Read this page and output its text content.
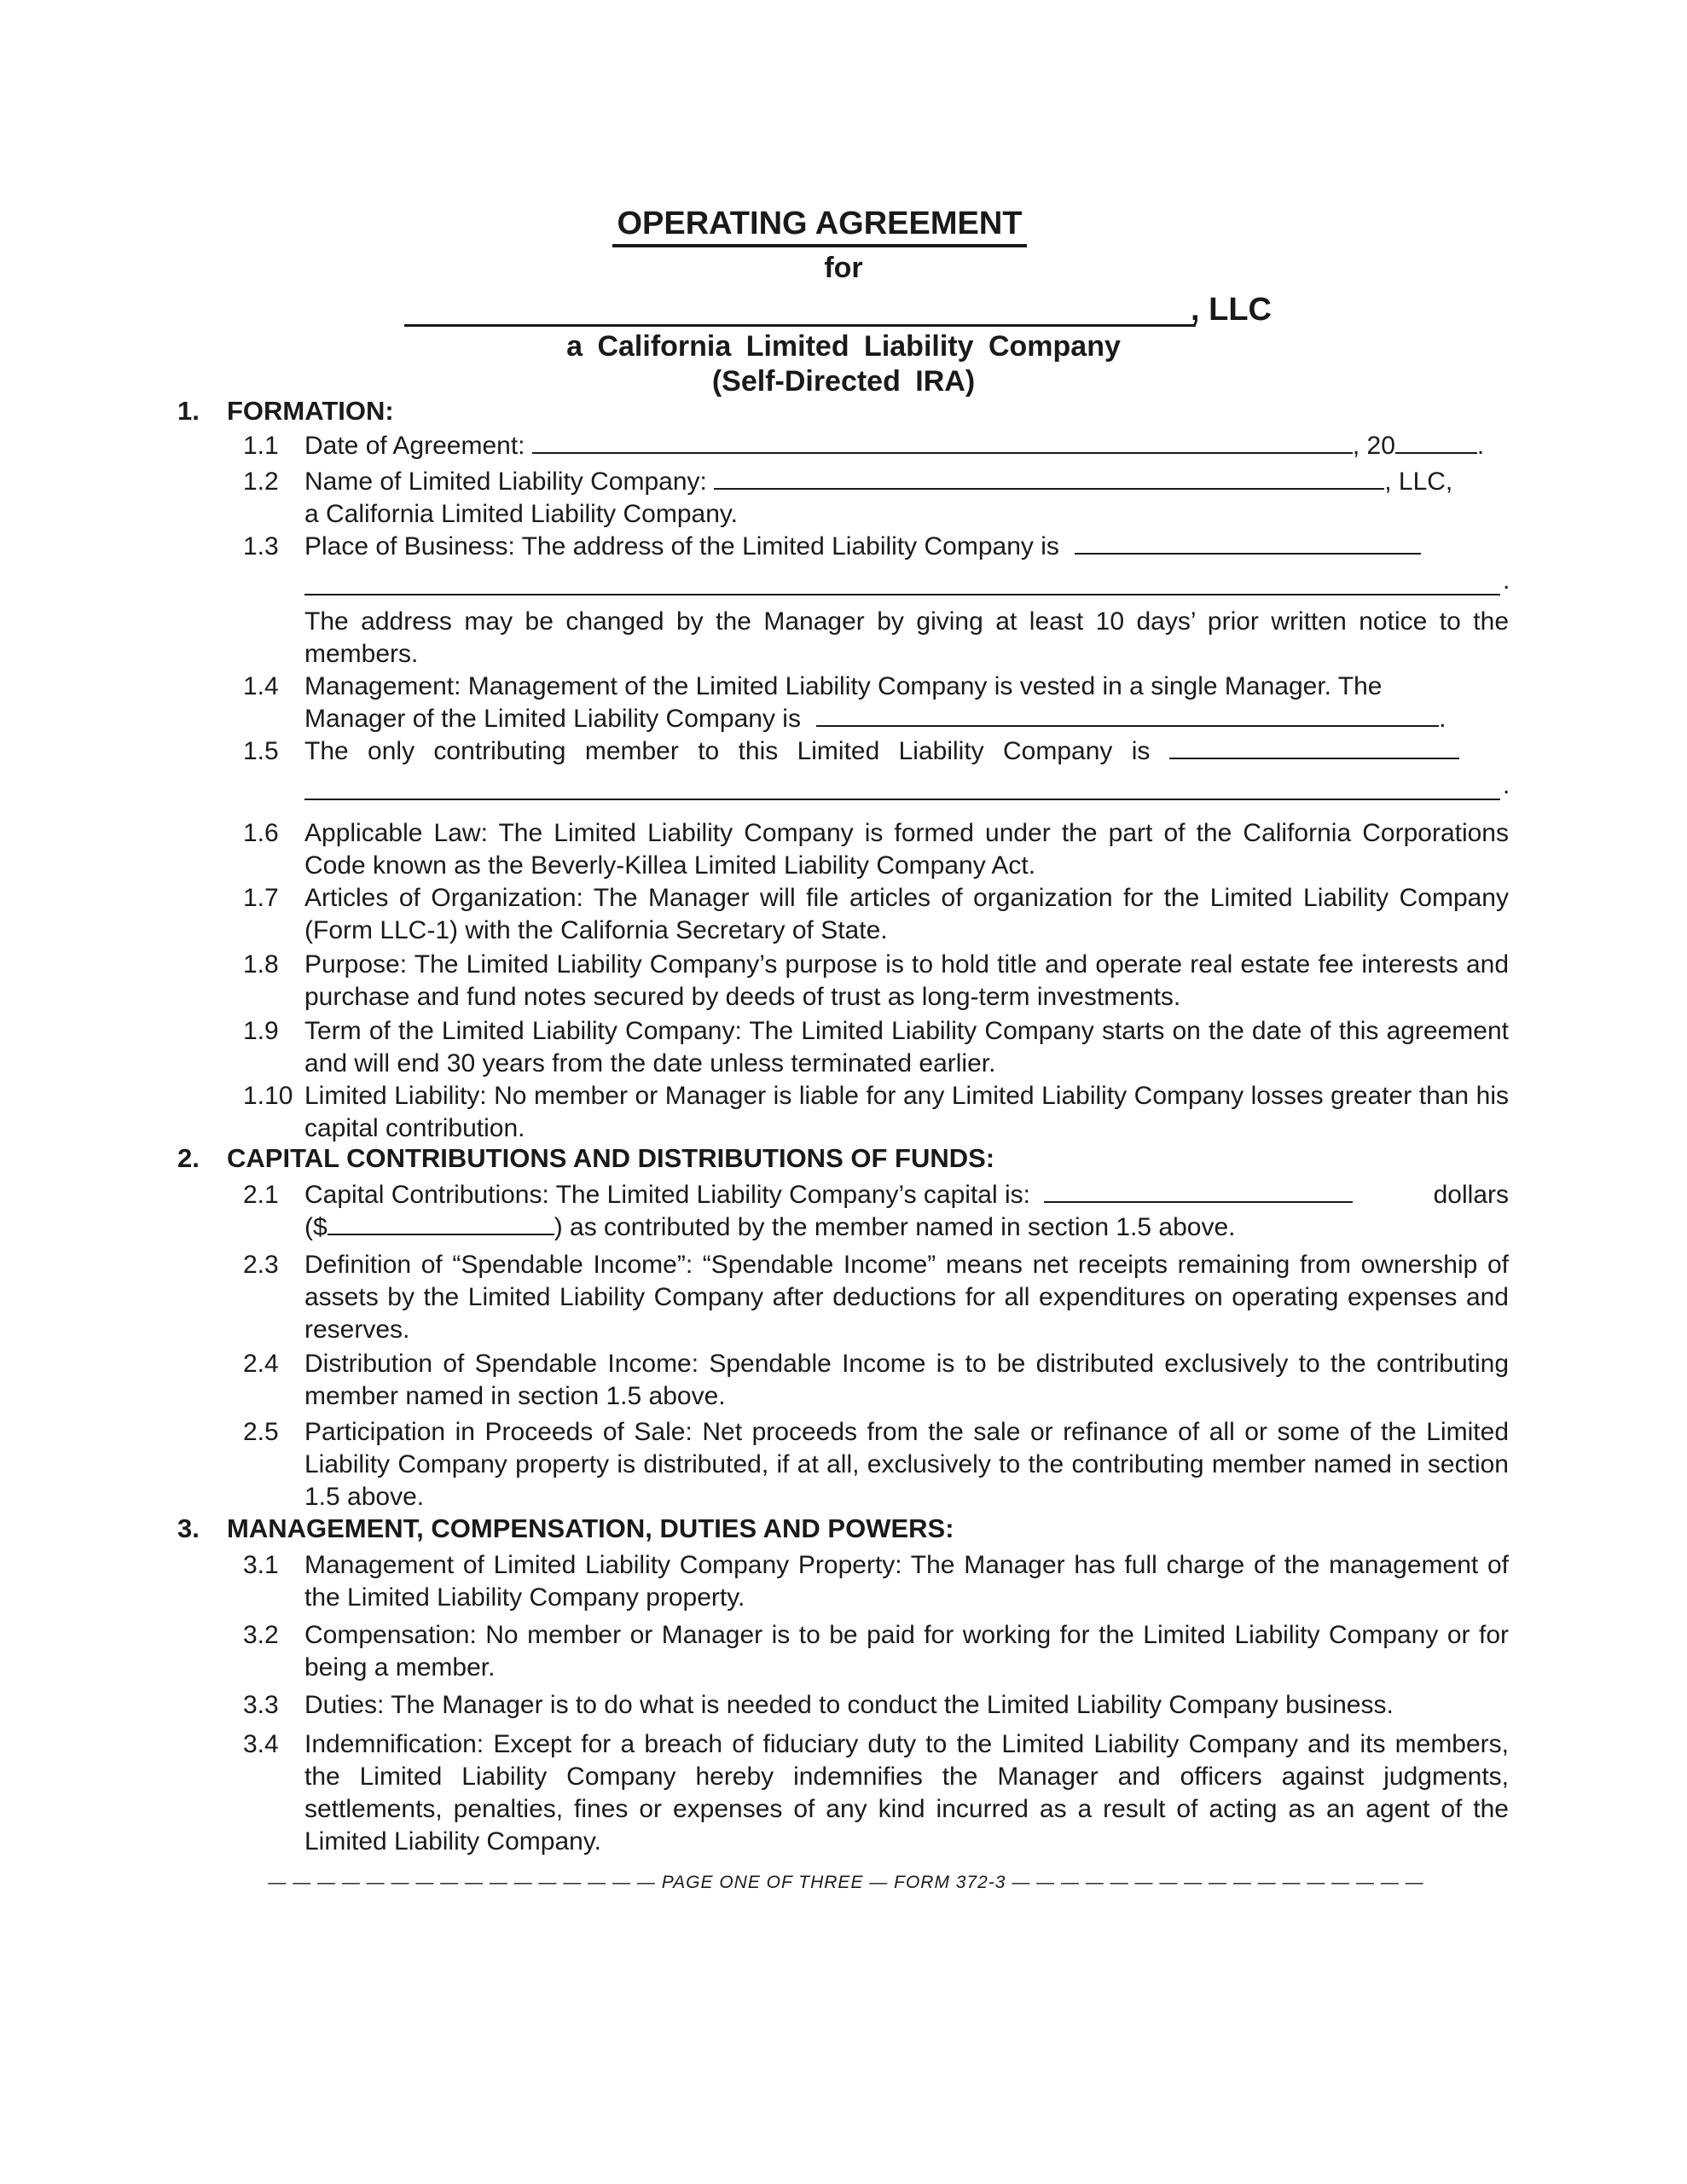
OPERATING AGREEMENT
for
, LLC
a California Limited Liability Company
(Self-Directed IRA)
1. FORMATION:
1.1 Date of Agreement:	, 20	.
1.2 Name of Limited Liability Company:	, LLC,
a California Limited Liability Company.
1.3 Place of Business: The address of the Limited Liability Company is
.
The address may be changed by the Manager by giving at least 10 days’ prior written notice to the members.
1.4 Management: Management of the Limited Liability Company is vested in a single Manager. The
Manager of the Limited Liability Company is	.
1.5 The only contributing member to this Limited Liability Company is
.
1.6 Applicable Law: The Limited Liability Company is formed under the part of the California Corporations Code known as the Beverly-Killea Limited Liability Company Act.
1.7 Articles of Organization: The Manager will file articles of organization for the Limited Liability Company (Form LLC-1) with the California Secretary of State.
1.8 Purpose: The Limited Liability Company’s purpose is to hold title and operate real estate fee interests and purchase and fund notes secured by deeds of trust as long-term investments.
1.9 Term of the Limited Liability Company: The Limited Liability Company starts on the date of this agreement and will end 30 years from the date unless terminated earlier.
1.10 Limited Liability: No member or Manager is liable for any Limited Liability Company losses greater than his capital contribution.
2. CAPITAL CONTRIBUTIONS AND DISTRIBUTIONS OF FUNDS:
2.1 Capital Contributions: The Limited Liability Company’s capital is:	dollars

($	) as contributed by the member named in section 1.5 above.
2.3 Definition of “Spendable Income”: “Spendable Income” means net receipts remaining from ownership of assets by the Limited Liability Company after deductions for all expenditures on operating expenses and reserves.
2.4 Distribution of Spendable Income: Spendable Income is to be distributed exclusively to the contributing member named in section 1.5 above.
2.5 Participation in Proceeds of Sale: Net proceeds from the sale or refinance of all or some of the Limited Liability Company property is distributed, if at all, exclusively to the contributing member named in section 1.5 above.
3. MANAGEMENT, COMPENSATION, DUTIES AND POWERS:
3.1 Management of Limited Liability Company Property: The Manager has full charge of the management of the Limited Liability Company property.
3.2 Compensation: No member or Manager is to be paid for working for the Limited Liability Company or for being a member.
3.3 Duties: The Manager is to do what is needed to conduct the Limited Liability Company business.
3.4 Indemnification: Except for a breach of fiduciary duty to the Limited Liability Company and its members, the Limited Liability Company hereby indemnifies the Manager and officers against judgments, settlements, penalties, fines or expenses of any kind incurred as a result of acting as an agent of the Limited Liability Company.
— — — — — — — — — — — — — — — — PAGE ONE OF THREE — FORM 372-3 — — — — — — — — — — — — — — — — —
